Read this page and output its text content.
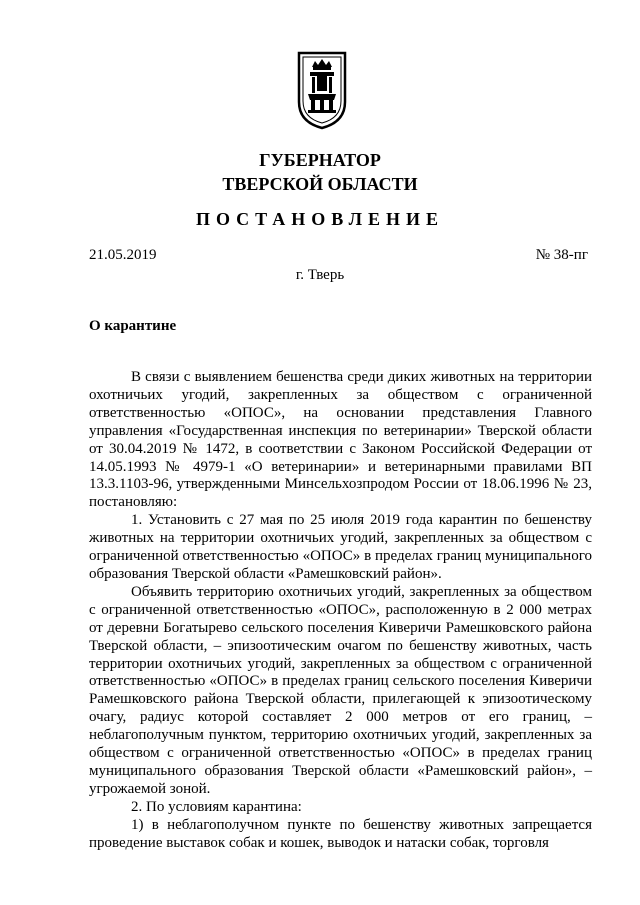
ГУБЕРНАТОР
ТВЕРСКОЙ ОБЛАСТИ
ПОСТАНОВЛЕНИЕ
21.05.2019	№ 38-пг
г. Тверь
О карантине

В связи с выявлением бешенства среди диких животных на территории охотничьих угодий, закрепленных за обществом с ограниченной ответственностью «ОПОС», на основании представления Главного управления «Государственная инспекция по ветеринарии» Тверской области от 30.04.2019 № 1472, в соответствии с Законом Российской Федерации от 14.05.1993 № 4979-1 «О ветеринарии» и ветеринарными правилами ВП 13.3.1103-96, утвержденными Минсельхозпродом России от 18.06.1996 № 23, постановляю:

1. Установить с 27 мая по 25 июля 2019 года карантин по бешенству животных на территории охотничьих угодий, закрепленных за обществом с ограниченной ответственностью «ОПОС» в пределах границ муниципального образования Тверской области «Рамешковский район».

Объявить территорию охотничьих угодий, закрепленных за обществом с ограниченной ответственностью «ОПОС», расположенную в 2 000 метрах от деревни Богатырево сельского поселения Киверичи Рамешковского района Тверской области, – эпизоотическим очагом по бешенству животных, часть территории охотничьих угодий, закрепленных за обществом с ограниченной ответственностью «ОПОС» в пределах границ сельского поселения Киверичи Рамешковского района Тверской области, прилегающей к эпизоотическому очагу, радиус которой составляет 2 000 метров от его границ, – неблагополучным пунктом, территорию охотничьих угодий, закрепленных за обществом с ограниченной ответственностью «ОПОС» в пределах границ муниципального образования Тверской области «Рамешковский район», – угрожаемой зоной.

2. По условиям карантина:

1) в неблагополучном пункте по бешенству животных запрещается проведение выставок собак и кошек, выводок и натаски собак, торговля
